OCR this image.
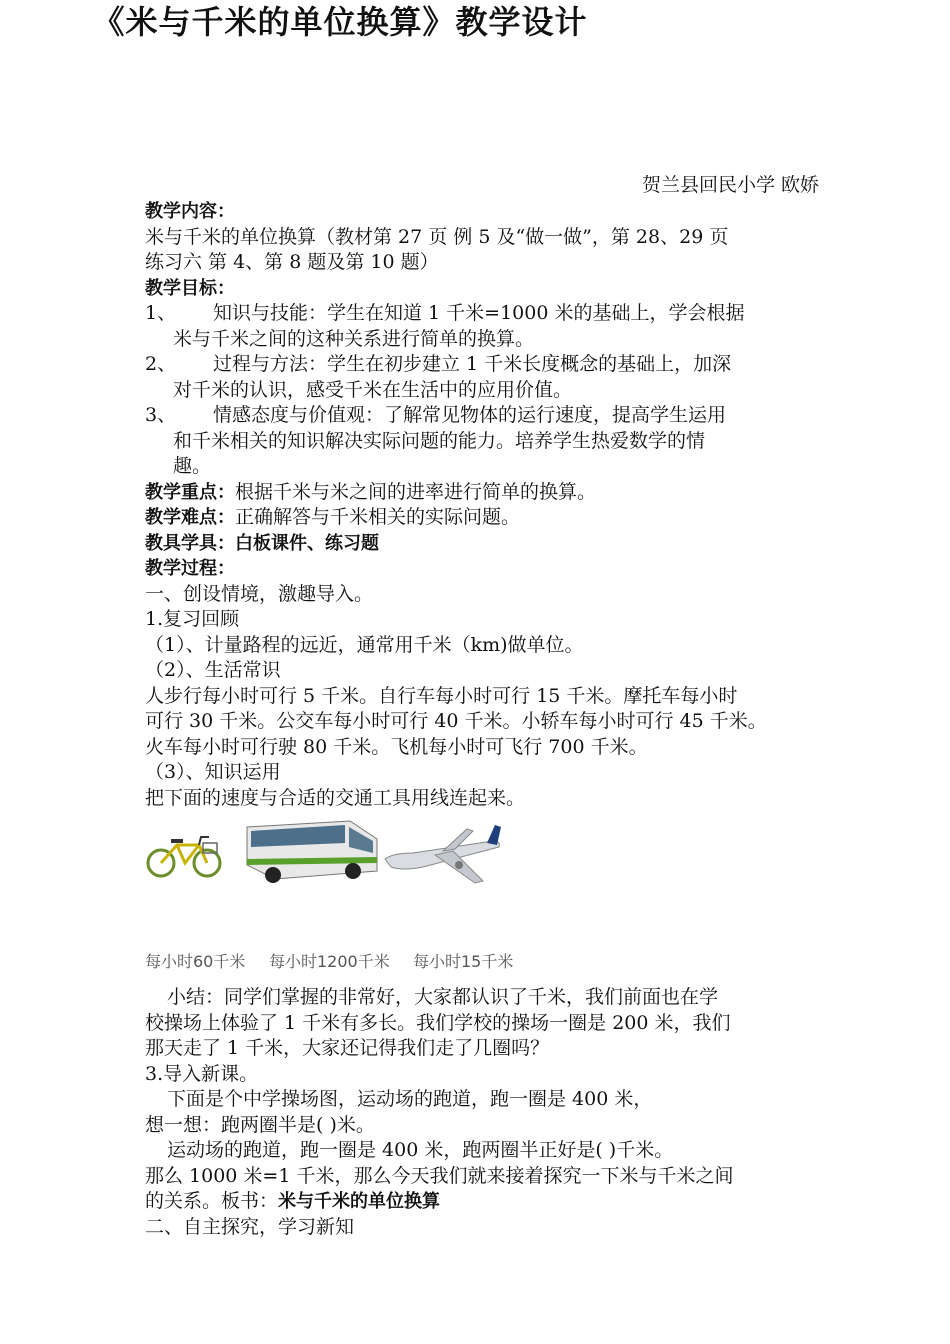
《米与千米的单位换算》教学设计
贺兰县回民小学 欧娇
教学内容：
米与千米的单位换算（教材第 27 页 例 5 及“做一做”，第 28、29 页
练习六 第 4、第 8 题及第 10 题）
教学目标：
1、	知识与技能：学生在知道 1 千米=1000 米的基础上，学会根据
米与千米之间的这种关系进行简单的换算。
2、	过程与方法：学生在初步建立 1 千米长度概念的基础上，加深
对千米的认识，感受千米在生活中的应用价值。
3、	情感态度与价值观：了解常见物体的运行速度，提高学生运用
和千米相关的知识解决实际问题的能力。培养学生热爱数学的情
趣。
教学重点：根据千米与米之间的进率进行简单的换算。
教学难点：正确解答与千米相关的实际问题。
教具学具：白板课件、练习题
教学过程：
一、创设情境，激趣导入。
1.复习回顾
（1）、计量路程的远近，通常用千米（km)做单位。
（2）、生活常识
人步行每小时可行 5 千米。自行车每小时可行 15 千米。摩托车每小时
可行 30 千米。公交车每小时可行 40 千米。小轿车每小时可行 45 千米。
火车每小时可行驶 80 千米。飞机每小时可飞行 700 千米。
（3）、知识运用
把下面的速度与合适的交通工具用线连起来。
每小时60千米 每小时1200千米 每小时15千米
小结：同学们掌握的非常好，大家都认识了千米，我们前面也在学
校操场上体验了 1 千米有多长。我们学校的操场一圈是 200 米，我们
那天走了 1 千米，大家还记得我们走了几圈吗？
3.导入新课。
下面是个中学操场图，运动场的跑道，跑一圈是 400 米，
想一想：跑两圈半是( )米。
运动场的跑道，跑一圈是 400 米，跑两圈半正好是( )千米。
那么 1000 米=1 千米，那么今天我们就来接着探究一下米与千米之间
的关系。板书：米与千米的单位换算
二、自主探究，学习新知
